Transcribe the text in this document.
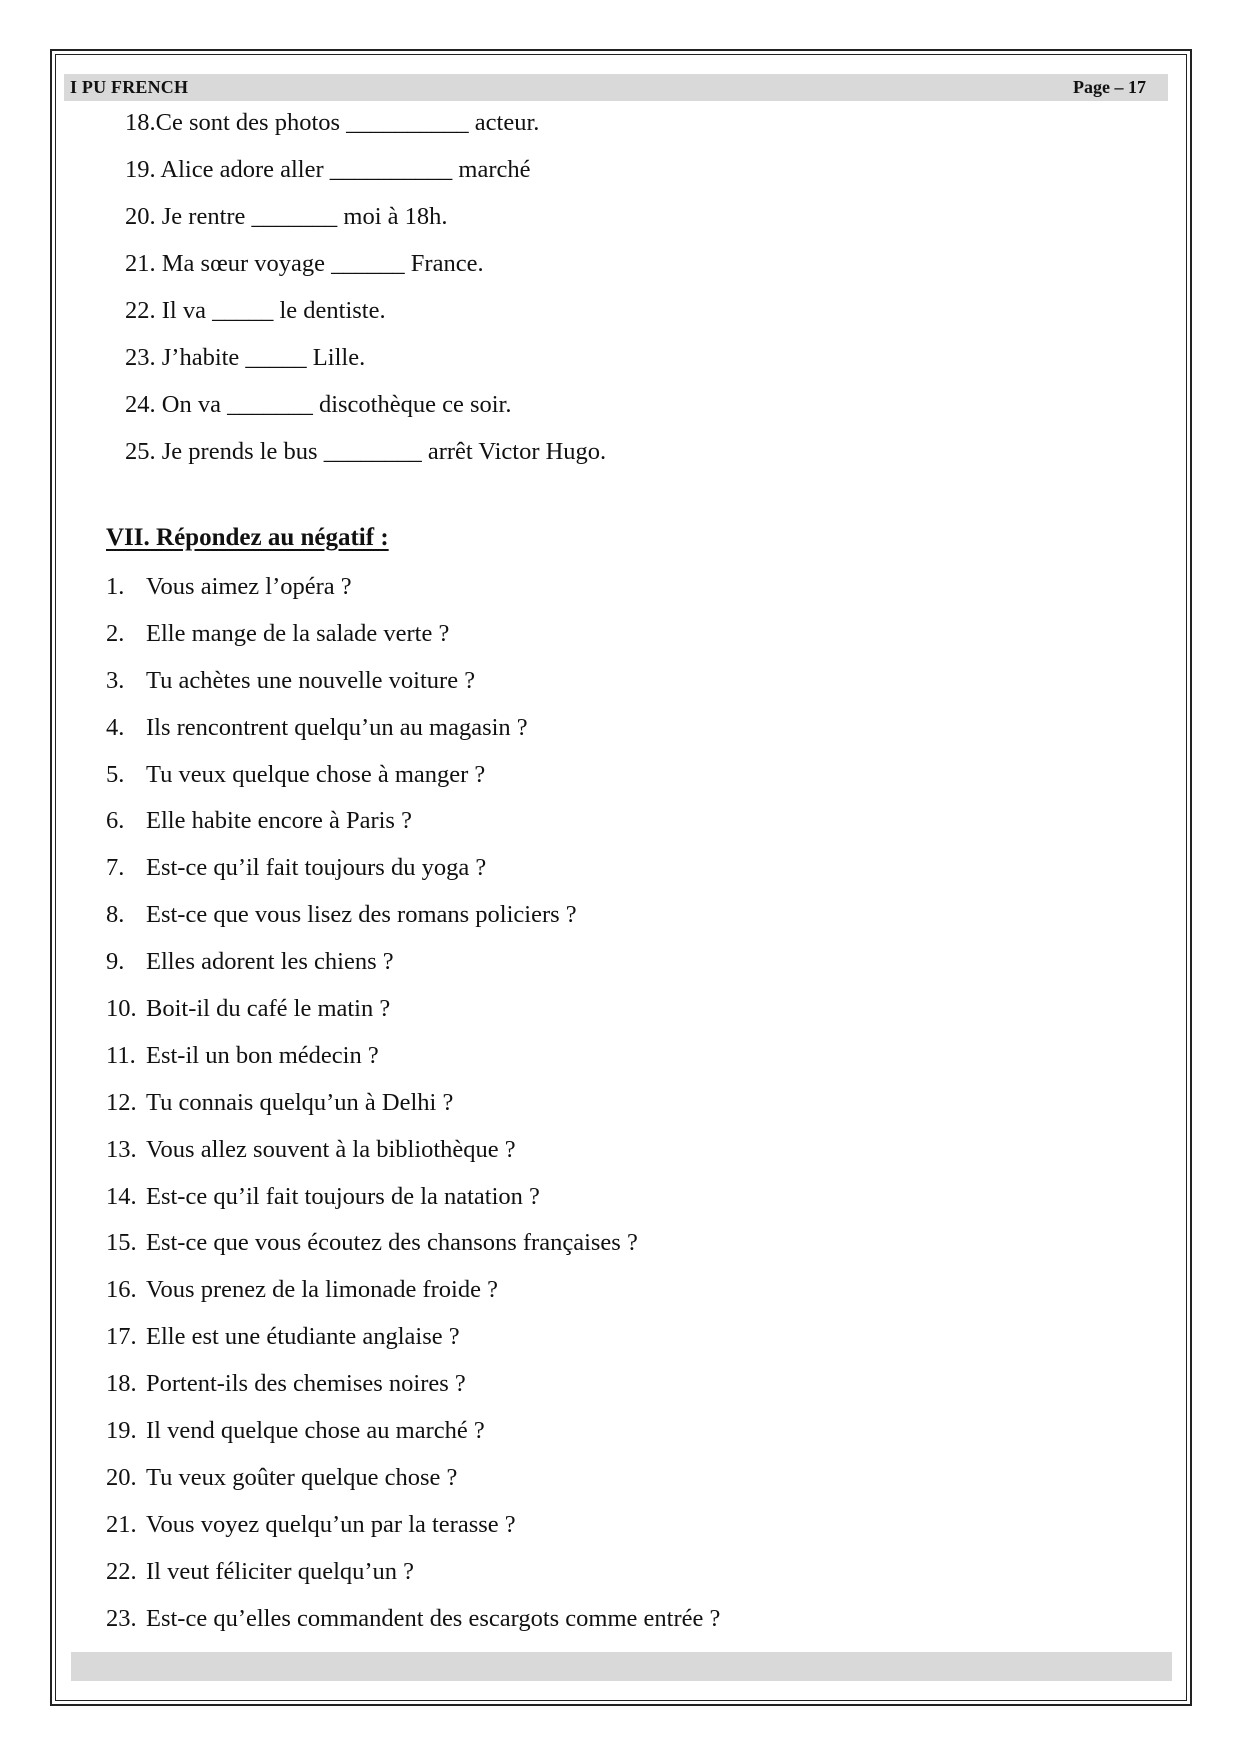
I PU FRENCH	Page – 17
18.Ce sont des photos __________ acteur.
19. Alice adore aller __________ marché
20. Je rentre _______ moi à 18h.
21. Ma sœur voyage ______ France.
22. Il va _____ le dentiste.
23. J’habite _____ Lille.
24. On va _______ discothèque ce soir.
25. Je prends le bus ________ arrêt Victor Hugo.
VII. Répondez au négatif :
1. Vous aimez l’opéra ?
2. Elle mange de la salade verte ?
3. Tu achètes une nouvelle voiture ?
4. Ils rencontrent quelqu’un au magasin ?
5. Tu veux quelque chose à manger ?
6. Elle habite encore à Paris ?
7. Est-ce qu’il fait toujours du yoga ?
8. Est-ce que vous lisez des romans policiers ?
9. Elles adorent les chiens ?
10. Boit-il du café le matin ?
11. Est-il un bon médecin ?
12. Tu connais quelqu’un à Delhi ?
13. Vous allez souvent à la bibliothèque ?
14. Est-ce qu’il fait toujours de la natation ?
15. Est-ce que vous écoutez des chansons françaises ?
16. Vous prenez de la limonade froide ?
17. Elle est une étudiante anglaise ?
18. Portent-ils des chemises noires ?
19. Il vend quelque chose au marché ?
20. Tu veux goûter quelque chose ?
21. Vous voyez quelqu’un par la terasse ?
22. Il veut féliciter quelqu’un ?
23. Est-ce qu’elles commandent des escargots comme entrée ?
